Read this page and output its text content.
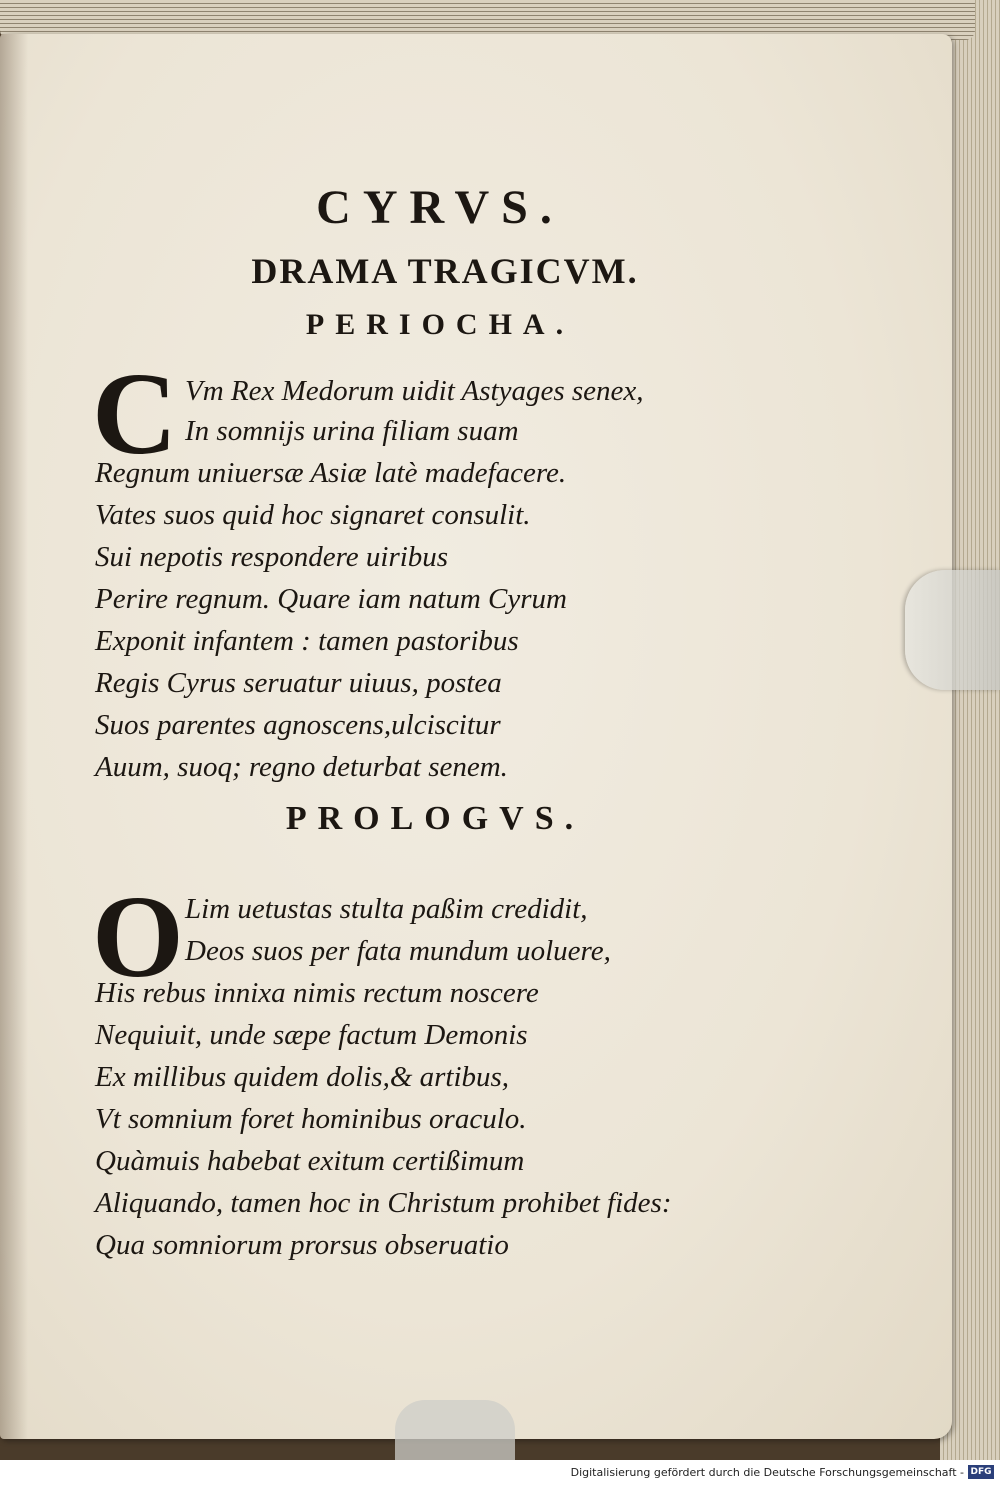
CYRVS.
DRAMA TRAGICVM.
PERIOCHA.
C Vm Rex Medorum uidit Astyages senex,
In somnijs urina filiam suam
Regnum uniuersæ Asiæ latè madefacere.
Vates suos quid hoc signaret consulit.
Sui nepotis respondere uiribus
Perire regnum. Quare iam natum Cyrum
Exponit infantem : tamen pastoribus
Regis Cyrus seruatur uiuus, postea
Suos parentes agnoscens,ulciscitur
Auum, suoq; regno deturbat senem.
PROLOGVS.
O Lim uetustas stulta paßim credidit,
Deos suos per fata mundum uoluere,
His rebus innixa nimis rectum noscere
Nequiuit, unde sæpe factum Demonis
Ex millibus quidem dolis,& artibus,
Vt somnium foret hominibus oraculo.
Quàmuis habebat exitum certißimum
Aliquando, tamen hoc in Christum prohibet fides:
Qua somniorum prorsus obseruatio
Digitalisierung gefördert durch die Deutsche Forschungsgemeinschaft - DFG
